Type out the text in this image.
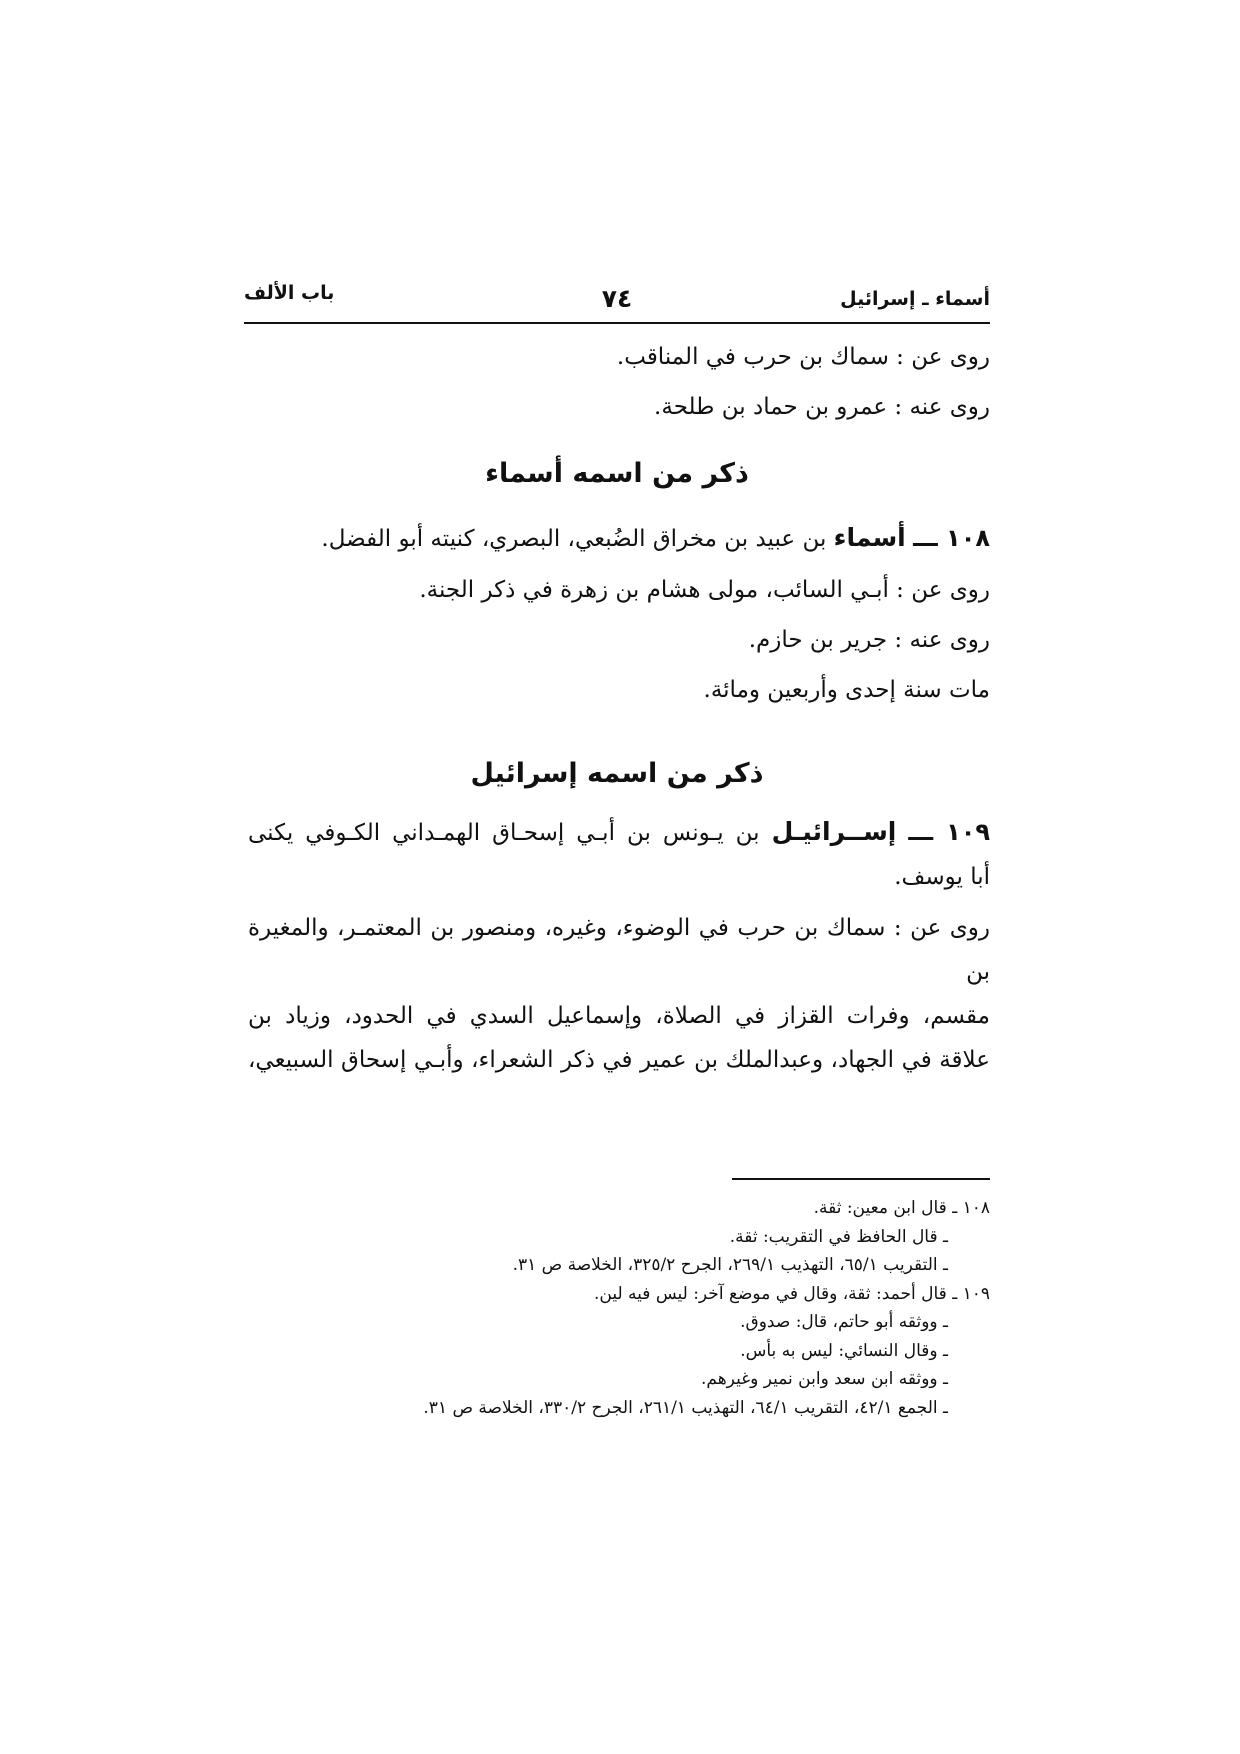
أسماء ـ إسرائيل
٧٤
باب الألف
روى عن : سماك بن حرب في المناقب.
روى عنه : عمرو بن حماد بن طلحة.
ذكر من اسمه أسماء
١٠٨ ـــ أسماء بن عبيد بن مخراق الضُبعي، البصري، كنيته أبو الفضل.
روى عن : أبـي السائب، مولى هشام بن زهرة في ذكر الجنة.
روى عنه : جرير بن حازم.
مات سنة إحدى وأربعين ومائة.
ذكر من اسمه إسرائيل
١٠٩ ـــ إســرائيـل بن يـونس بن أبـي إسحـاق الهمـداني الكـوفي يكنى
أبا يوسف.
روى عن : سماك بن حرب في الوضوء، وغيره، ومنصور بن المعتمـر، والمغيرة بن
مقسم، وفرات القزاز في الصلاة، وإسماعيل السدي في الحدود، وزياد بن
علاقة في الجهاد، وعبدالملك بن عمير في ذكر الشعراء، وأبـي إسحاق السبيعي،
١٠٨ ـ قال ابن معين: ثقة.
ـ قال الحافظ في التقريب: ثقة.
ـ التقريب ٦٥/١، التهذيب ٢٦٩/١، الجرح ٣٢٥/٢، الخلاصة ص ٣١.
١٠٩ ـ قال أحمد: ثقة، وقال في موضع آخر: ليس فيه لين.
ـ ووثقه أبو حاتم، قال: صدوق.
ـ وقال النسائي: ليس به بأس.
ـ ووثقه ابن سعد وابن نمير وغيرهم.
ـ الجمع ٤٢/١، التقريب ٦٤/١، التهذيب ٢٦١/١، الجرح ٣٣٠/٢، الخلاصة ص ٣١.
